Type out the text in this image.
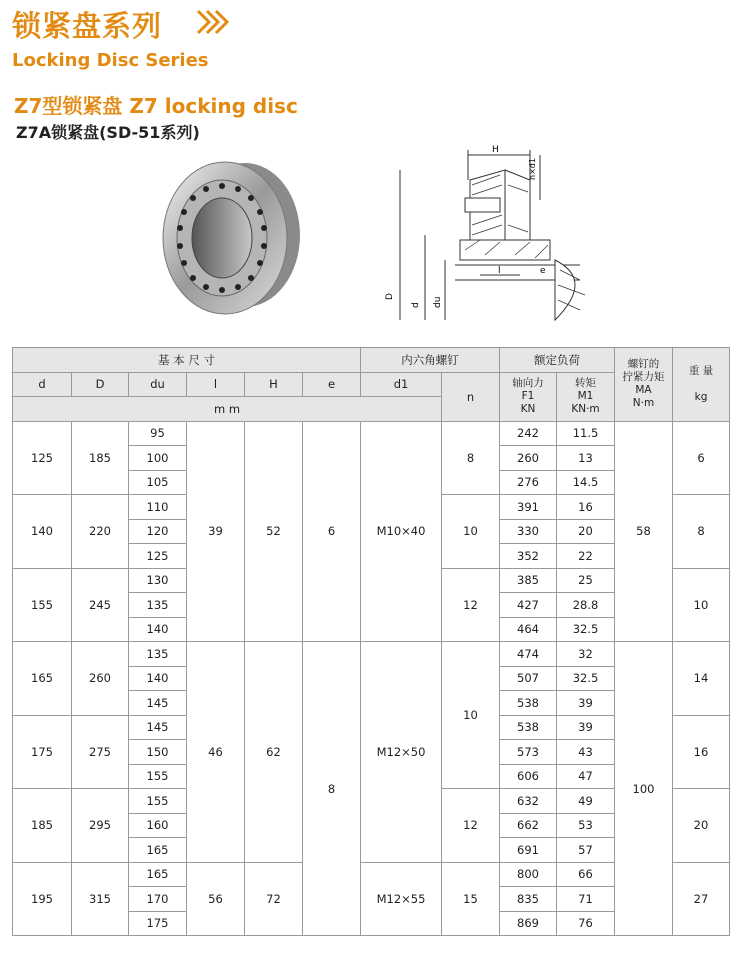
锁紧盘系列
Locking Disc Series
Z7型锁紧盘 Z7 locking disc
Z7A锁紧盘(SD-51系列)
H
n×d1
D
d du
l	e
基 本 尺 寸						内六角螺钉		额定负荷		螺钉的
拧紧力矩
MA
N·m	重 量

kg
d	D	du	l	H	e	d1	n	轴向力
F1
KN	转矩
M1
KN·m		
m m											
125	185	95	39	52	6	M10×40	8	242	11.5	58	6
		100						260	13		
		105						276	14.5		
140	220	110					10	391	16		8
		120						330	20		
		125						352	22		
155	245	130					12	385	25		10
		135						427	28.8		
		140						464	32.5		
165	260	135	46	62	8	M12×50	10	474	32	100	14
		140						507	32.5		
		145						538	39		
175	275	145						538	39		16
		150						573	43		
		155						606	47		
185	295	155					12	632	49		20
		160						662	53		
		165						691	57		
195	315	165	56	72		M12×55	15	800	66		27
		170						835	71		
		175						869	76		
